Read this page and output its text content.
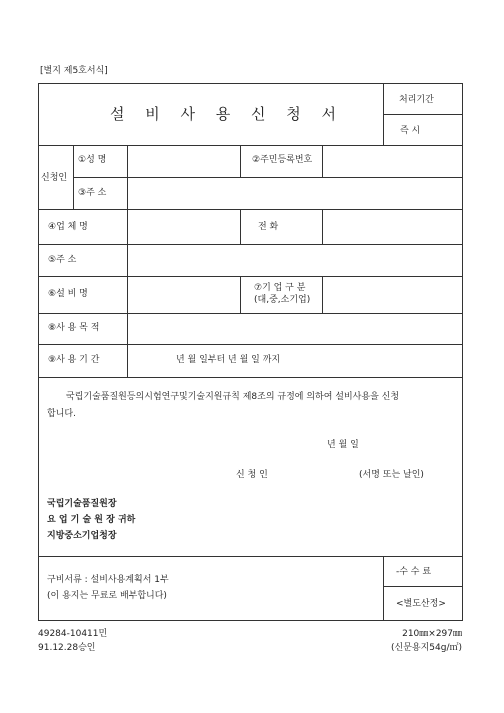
[별지 제5호서식]
설 비 사 용 신 청 서
처리기간
즉 시
신청인
①성 명	②주민등록번호
③주 소
④업 체 명	전 화
⑤주 소
⑥설 비 명
⑦기 업 구 분
(대,중,소기업)
⑧사 용 목 적
⑨사 용 기 간	년 월 일부터 년 월 일 까지
국립기술품질원등의시험연구및기술지원규칙 제8조의 규정에 의하여 설비사용을 신청
합니다.
년 월 일
신 청 인	(서명 또는 날인)
국립기술품질원장
요 업 기 술 원 장 귀하
지방중소기업청장
-수 수 료
<별도산정>
구비서류 : 설비사용계획서 1부
(이 용지는 무료로 배부합니다)
49284-10411민
91.12.28승인
210㎜×297㎜
(신문용지54g/㎡)
